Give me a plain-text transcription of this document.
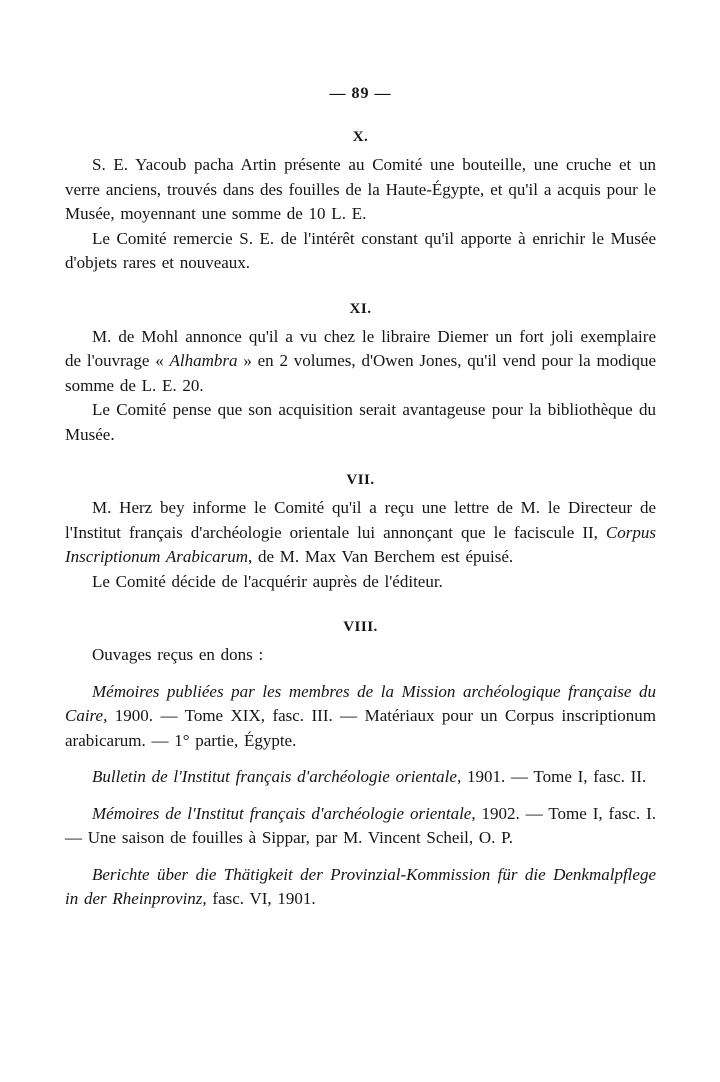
— 89 —
X.

S. E. Yacoub pacha Artin présente au Comité une bouteille, une cruche et un verre anciens, trouvés dans des fouilles de la Haute-Égypte, et qu'il a acquis pour le Musée, moyennant une somme de 10 L. E.

Le Comité remercie S. E. de l'intérêt constant qu'il apporte à enrichir le Musée d'objets rares et nouveaux.

XI.

M. de Mohl annonce qu'il a vu chez le libraire Diemer un fort joli exemplaire de l'ouvrage « Alhambra » en 2 volumes, d'Owen Jones, qu'il vend pour la modique somme de L. E. 20.

Le Comité pense que son acquisition serait avantageuse pour la bibliothèque du Musée.

VII.

M. Herz bey informe le Comité qu'il a reçu une lettre de M. le Directeur de l'Institut français d'archéologie orientale lui annonçant que le faciscule II, Corpus Inscriptionum Arabicarum, de M. Max Van Berchem est épuisé.

Le Comité décide de l'acquérir auprès de l'éditeur.

VIII.

Ouvages reçus en dons :

Mémoires publiées par les membres de la Mission archéologique française du Caire, 1900. — Tome XIX, fasc. III. — Matériaux pour un Corpus inscriptionum arabicarum. — 1° partie, Égypte.

Bulletin de l'Institut français d'archéologie orientale, 1901. — Tome I, fasc. II.

Mémoires de l'Institut français d'archéologie orientale, 1902. — Tome I, fasc. I. — Une saison de fouilles à Sippar, par M. Vincent Scheil, O. P.

Berichte über die Thätigkeit der Provinzial-Kommission für die Denkmalpflege in der Rheinprovinz, fasc. VI, 1901.
